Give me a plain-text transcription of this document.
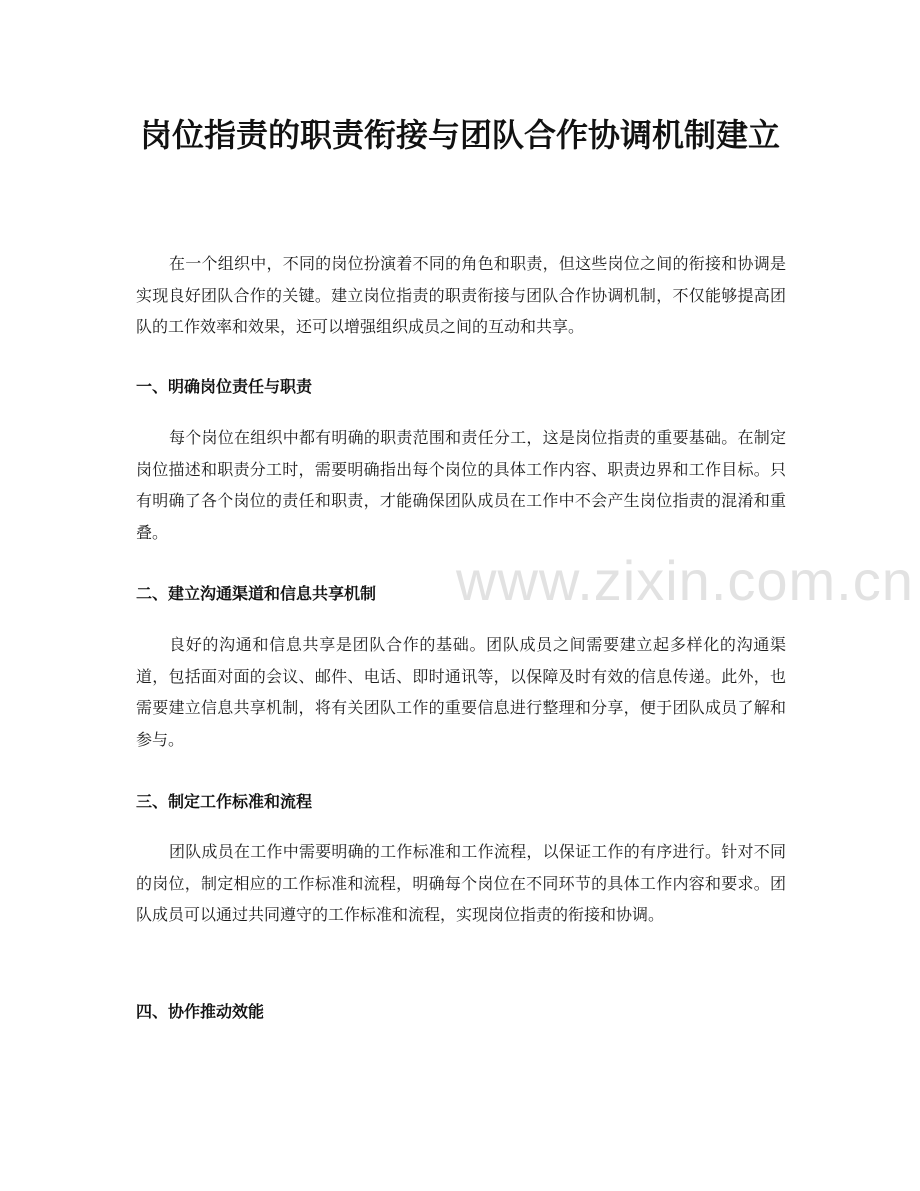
岗位指责的职责衔接与团队合作协调机制建立

在一个组织中，不同的岗位扮演着不同的角色和职责，但这些岗位之间的衔接和协调是实现良好团队合作的关键。建立岗位指责的职责衔接与团队合作协调机制，不仅能够提高团队的工作效率和效果，还可以增强组织成员之间的互动和共享。

一、明确岗位责任与职责

每个岗位在组织中都有明确的职责范围和责任分工，这是岗位指责的重要基础。在制定岗位描述和职责分工时，需要明确指出每个岗位的具体工作内容、职责边界和工作目标。只有明确了各个岗位的责任和职责，才能确保团队成员在工作中不会产生岗位指责的混淆和重叠。

二、建立沟通渠道和信息共享机制

良好的沟通和信息共享是团队合作的基础。团队成员之间需要建立起多样化的沟通渠道，包括面对面的会议、邮件、电话、即时通讯等，以保障及时有效的信息传递。此外，也需要建立信息共享机制，将有关团队工作的重要信息进行整理和分享，便于团队成员了解和参与。

三、制定工作标准和流程

团队成员在工作中需要明确的工作标准和工作流程，以保证工作的有序进行。针对不同的岗位，制定相应的工作标准和流程，明确每个岗位在不同环节的具体工作内容和要求。团队成员可以通过共同遵守的工作标准和流程，实现岗位指责的衔接和协调。

四、协作推动效能
www.zixin.com.cn
